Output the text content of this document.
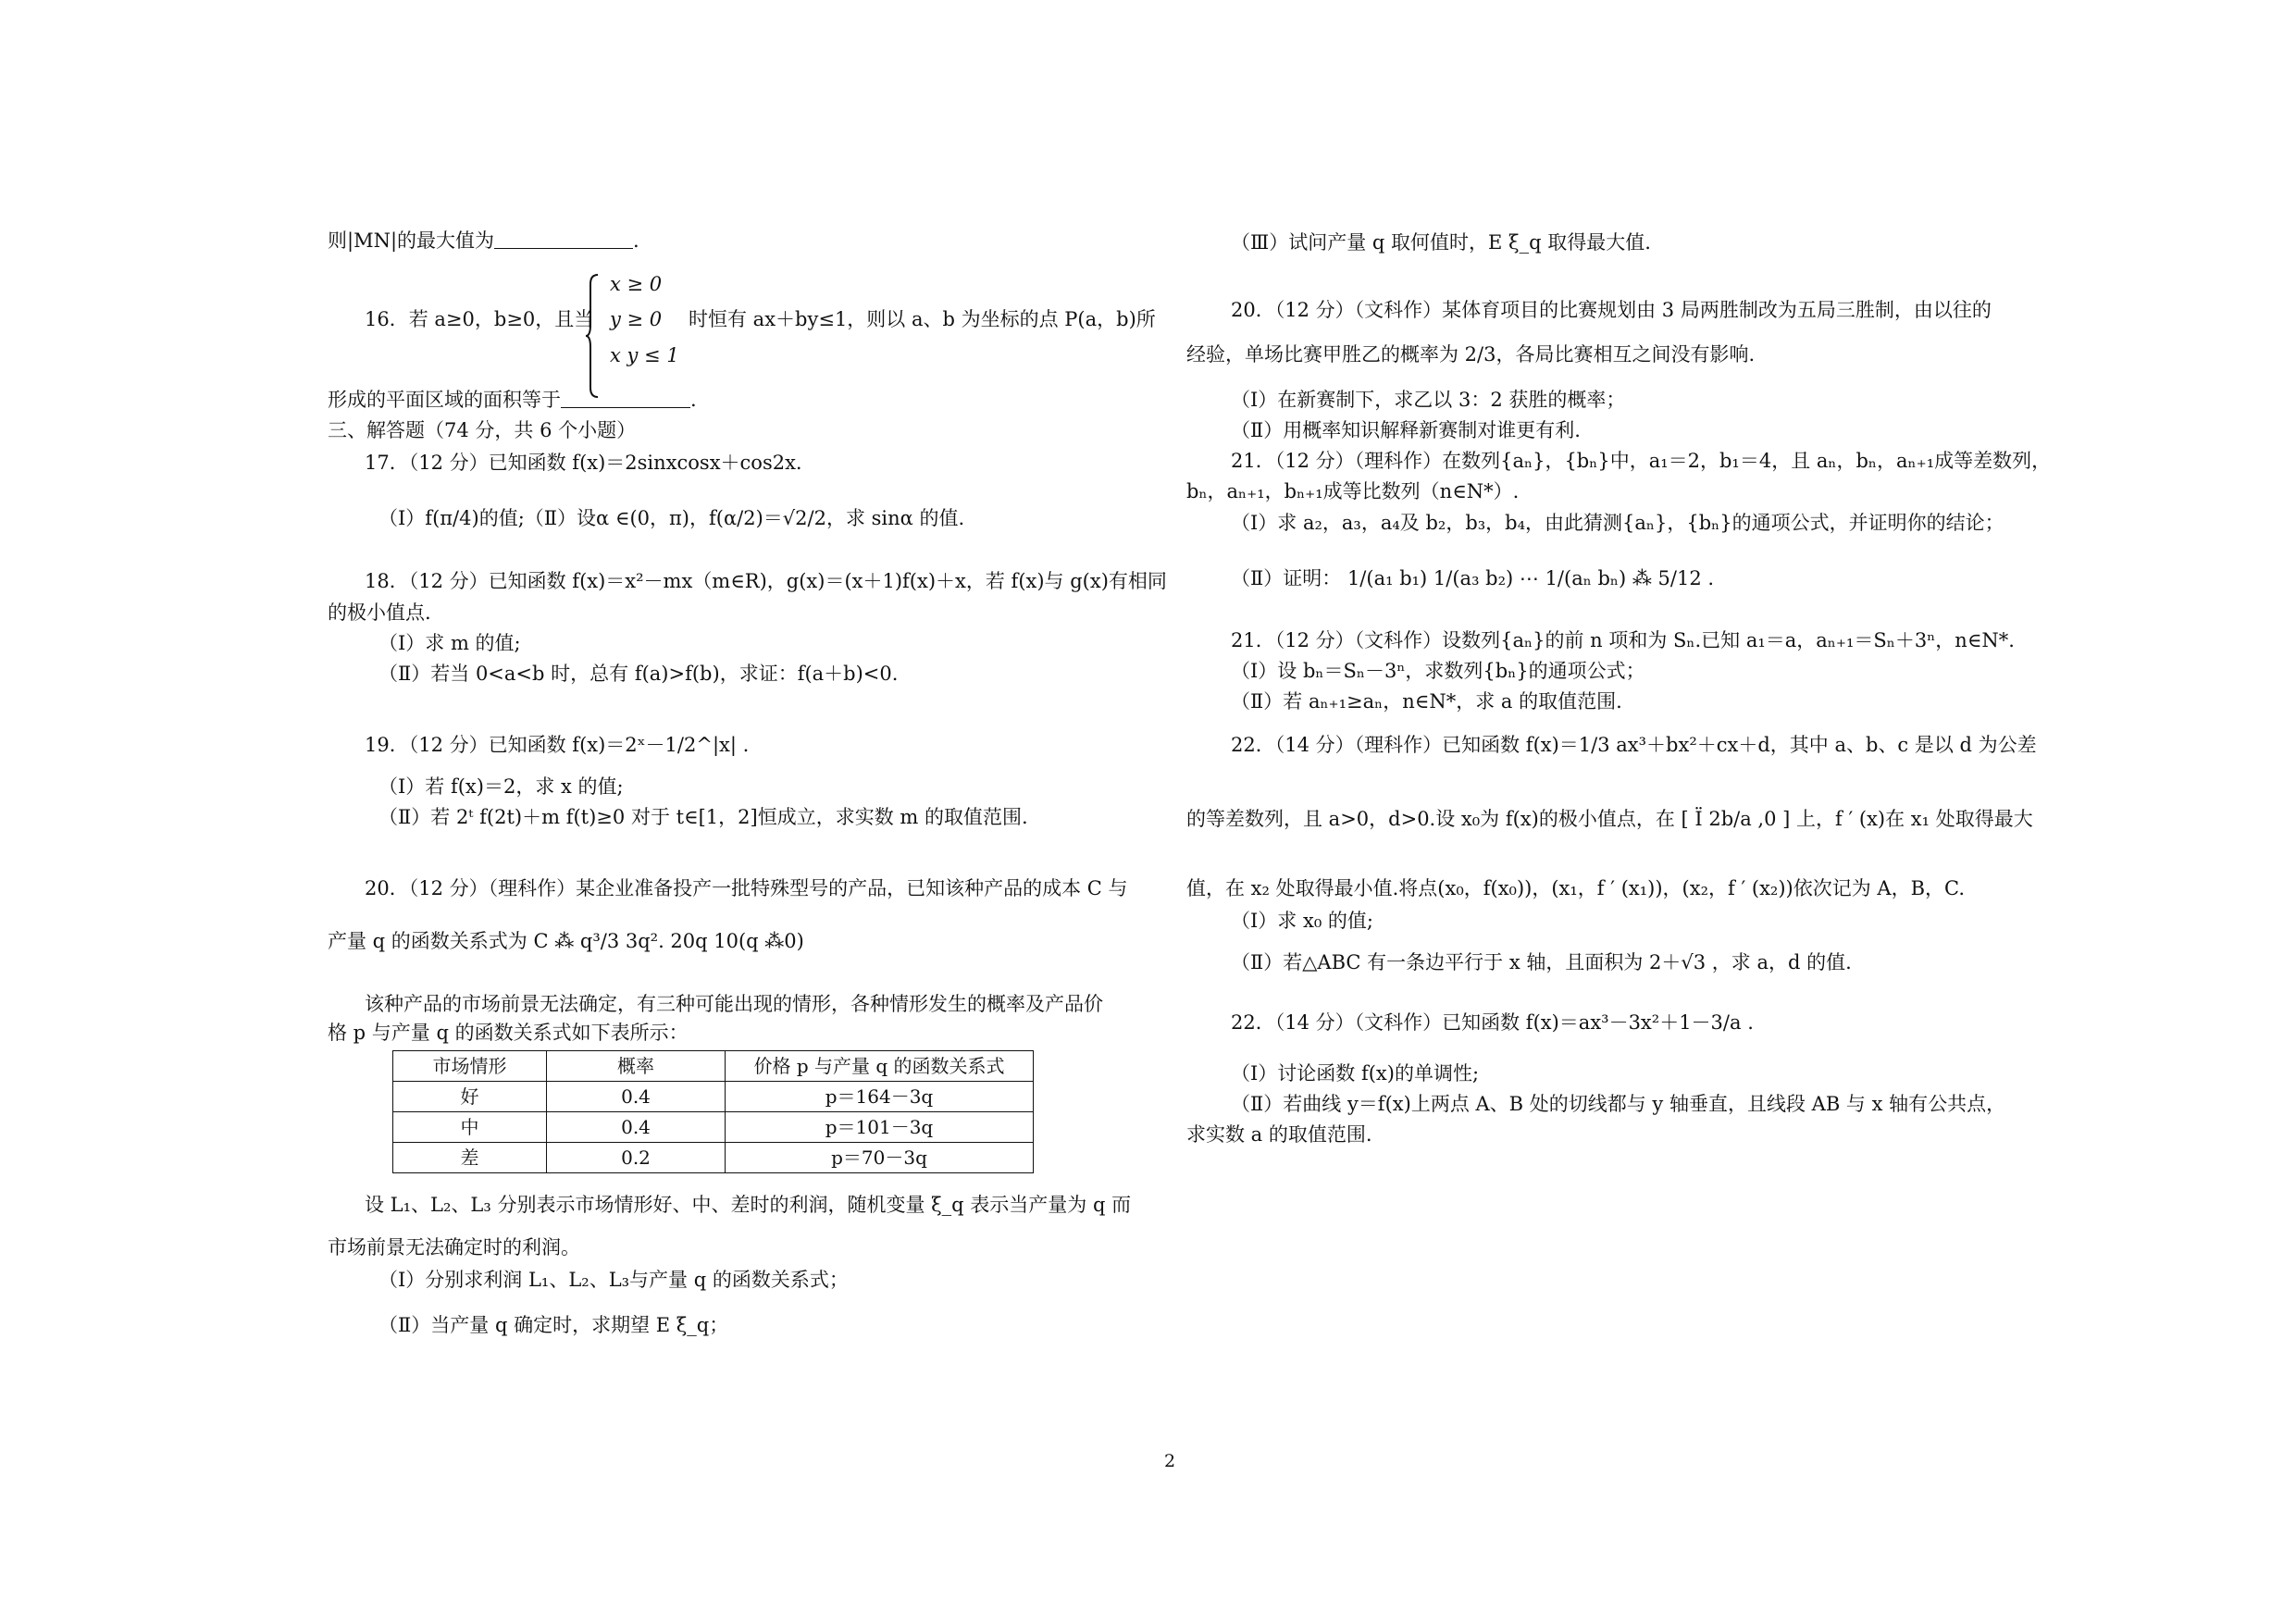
则|MN|的最大值为	.
x ≥ 0
y ≥ 0
x y ≤ 1
16．若 a≥0，b≥0，且当	时恒有 ax＋by≤1，则以 a、b 为坐标的点 P(a，b)所
形成的平面区域的面积等于	.
三、解答题（74 分，共 6 个小题）
17．（12 分）已知函数 f(x)＝2sinxcosx＋cos2x.
（Ⅰ）f(π/4)的值;（Ⅱ）设α ∈(0，π)，f(α/2)＝√2/2，求 sinα 的值.
18．（12 分）已知函数 f(x)＝x²－mx（m∈R)，g(x)＝(x＋1)f(x)＋x，若 f(x)与 g(x)有相同
的极小值点.
（Ⅰ）求 m 的值;
（Ⅱ）若当 0<a<b 时，总有 f(a)>f(b)，求证：f(a＋b)<0.
19．（12 分）已知函数 f(x)＝2ˣ－1/2^|x| .
（Ⅰ）若 f(x)＝2，求 x 的值;
（Ⅱ）若 2ᵗ f(2t)＋m f(t)≥0 对于 t∈[1，2]恒成立，求实数 m 的取值范围.
20．（12 分）（理科作）某企业准备投产一批特殊型号的产品，已知该种产品的成本 C 与
产量 q 的函数关系式为 C ⁂ q³/3 3q². 20q 10(q ⁂0)
该种产品的市场前景无法确定，有三种可能出现的情形，各种情形发生的概率及产品价
格 p 与产量 q 的函数关系式如下表所示：
市场情形	概率	价格 p 与产量 q 的函数关系式
好	0.4	p＝164－3q
中	0.4	p＝101－3q
差	0.2	p＝70－3q
设 L₁、L₂、L₃ 分别表示市场情形好、中、差时的利润，随机变量 ξ_q 表示当产量为 q 而
市场前景无法确定时的利润。
（Ⅰ）分别求利润 L₁、L₂、L₃与产量 q 的函数关系式；
（Ⅱ）当产量 q 确定时，求期望 E ξ_q；
（Ⅲ）试问产量 q 取何值时，E ξ_q 取得最大值.
20．（12 分）（文科作）某体育项目的比赛规划由 3 局两胜制改为五局三胜制，由以往的
经验，单场比赛甲胜乙的概率为 2/3，各局比赛相互之间没有影响.
（Ⅰ）在新赛制下，求乙以 3：2 获胜的概率；
（Ⅱ）用概率知识解释新赛制对谁更有利.
21．（12 分）（理科作）在数列{aₙ}，{bₙ}中，a₁＝2，b₁＝4，且 aₙ，bₙ，aₙ₊₁成等差数列，
bₙ，aₙ₊₁，bₙ₊₁成等比数列（n∈N*）.
（Ⅰ）求 a₂，a₃，a₄及 b₂，b₃，b₄，由此猜测{aₙ}，{bₙ}的通项公式，并证明你的结论；
（Ⅱ）证明： 1/(a₁ b₁) 1/(a₃ b₂) ⋯ 1/(aₙ bₙ) ⁂ 5/12 .
21．（12 分）（文科作）设数列{aₙ}的前 n 项和为 Sₙ.已知 a₁＝a，aₙ₊₁＝Sₙ＋3ⁿ，n∈N*.
（Ⅰ）设 bₙ＝Sₙ－3ⁿ，求数列{bₙ}的通项公式；
（Ⅱ）若 aₙ₊₁≥aₙ，n∈N*，求 a 的取值范围.
22．（14 分）（理科作）已知函数 f(x)＝1/3 ax³＋bx²＋cx＋d，其中 a、b、c 是以 d 为公差
的等差数列，且 a>0，d>0.设 x₀为 f(x)的极小值点，在 [ Ï 2b/a ,0 ] 上，f ′ (x)在 x₁ 处取得最大
值，在 x₂ 处取得最小值.将点(x₀，f(x₀))，(x₁，f ′ (x₁))，(x₂，f ′ (x₂))依次记为 A，B，C.
（Ⅰ）求 x₀ 的值;
（Ⅱ）若△ABC 有一条边平行于 x 轴，且面积为 2＋√3 ，求 a，d 的值.
22．（14 分）（文科作）已知函数 f(x)＝ax³－3x²＋1－3/a .
（Ⅰ）讨论函数 f(x)的单调性;
（Ⅱ）若曲线 y＝f(x)上两点 A、B 处的切线都与 y 轴垂直，且线段 AB 与 x 轴有公共点，
求实数 a 的取值范围.
2
